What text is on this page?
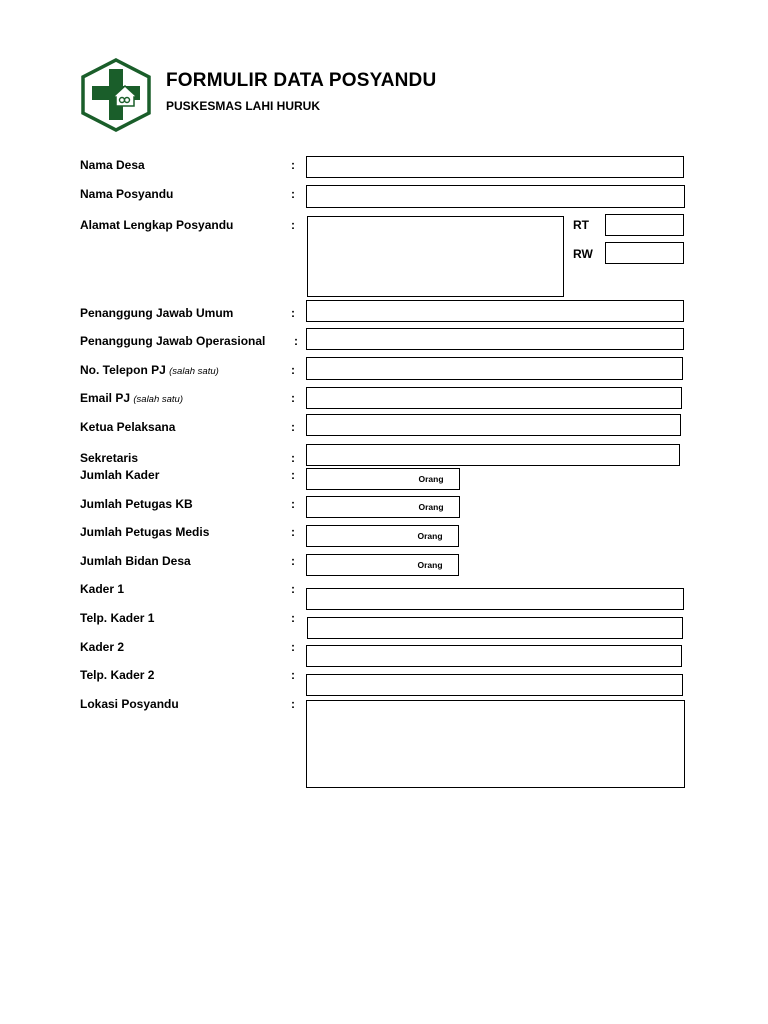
FORMULIR DATA POSYANDU
PUSKESMAS LAHI HURUK
Nama Desa	:
Nama Posyandu	:
Alamat Lengkap Posyandu	:	RT
RW
Penanggung Jawab Umum	:
Penanggung Jawab Operasional :
No. Telepon PJ (salah satu)	:
Email PJ (salah satu)	:
Ketua Pelaksana	:
Sekretaris	:
Jumlah Kader	:	Orang
Jumlah Petugas KB	:	Orang
Jumlah Petugas Medis	:	Orang
Jumlah Bidan Desa	:	Orang
Kader 1	:
Telp. Kader 1	:
Kader 2	:
Telp. Kader 2	:
Lokasi Posyandu	:
